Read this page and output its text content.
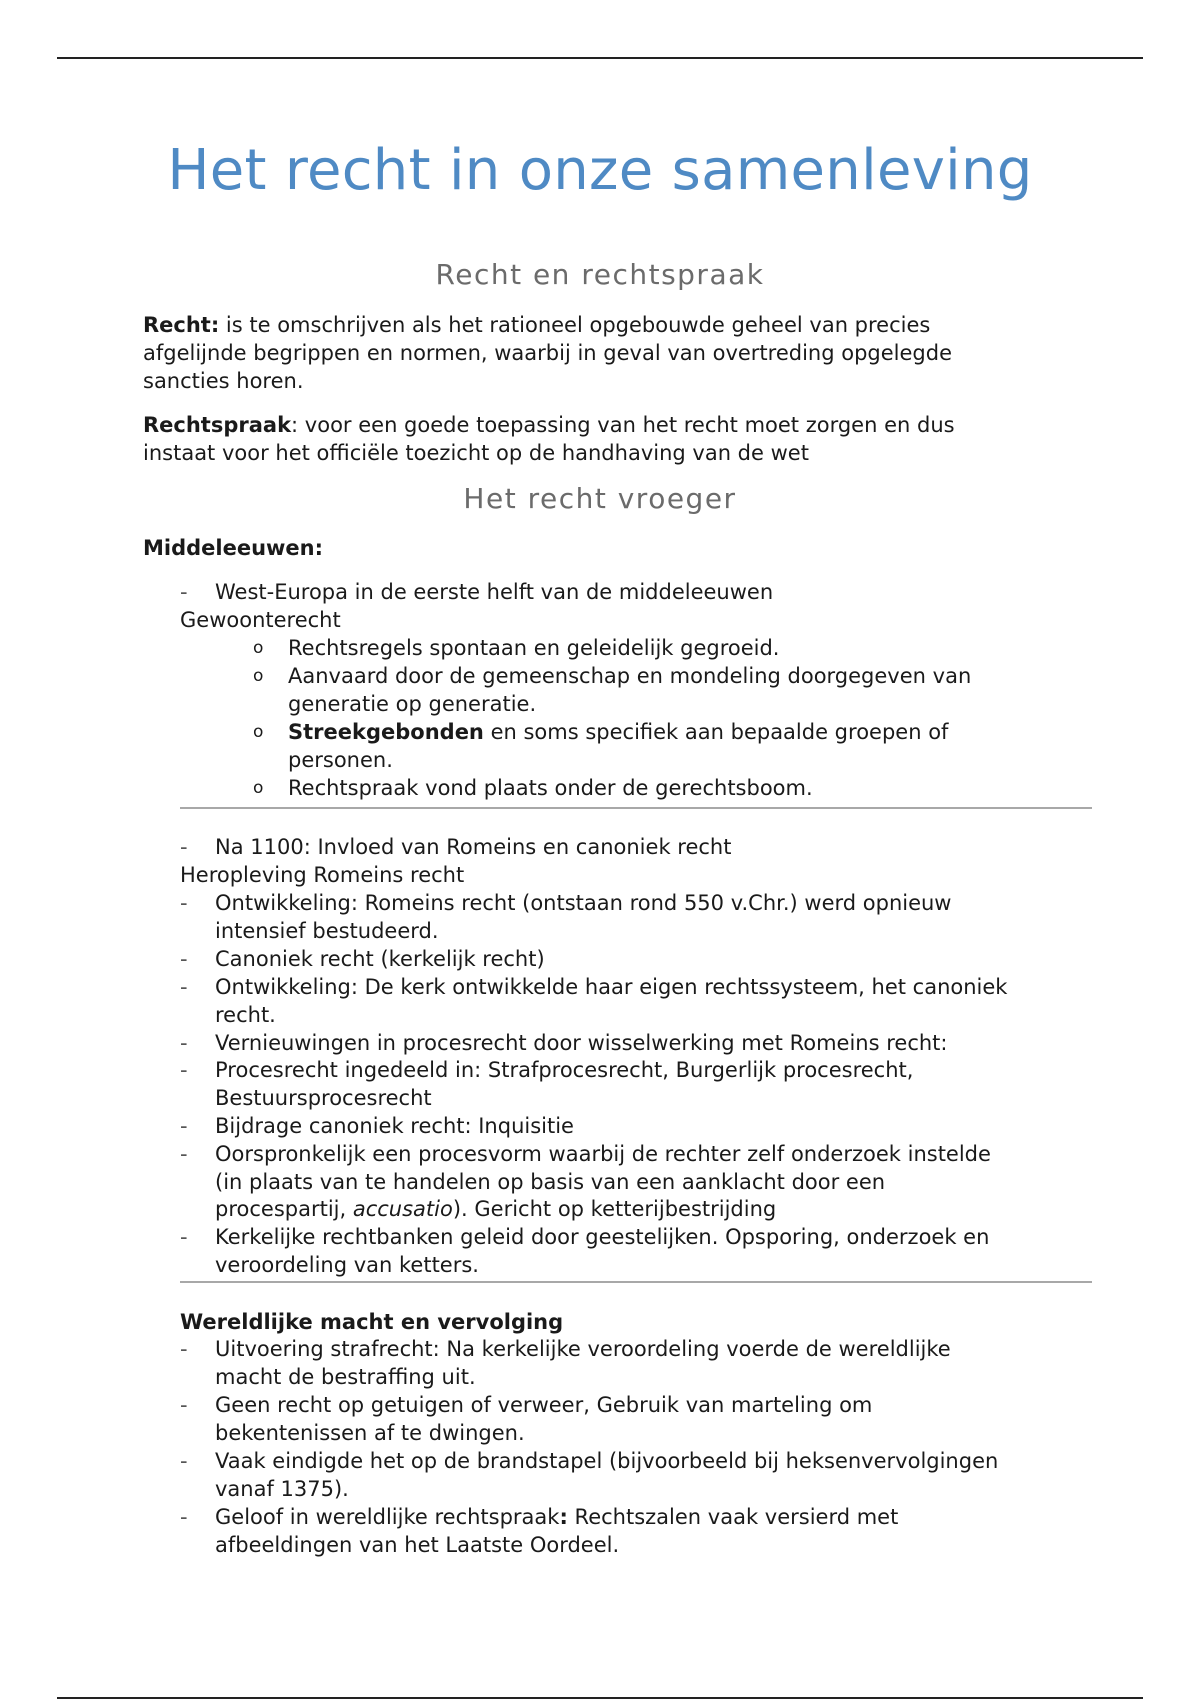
Het recht in onze samenleving
Recht en rechtspraak
Recht: is te omschrijven als het rationeel opgebouwde geheel van precies
afgelijnde begrippen en normen, waarbij in geval van overtreding opgelegde
sancties horen.
Rechtspraak: voor een goede toepassing van het recht moet zorgen en dus
instaat voor het officiële toezicht op de handhaving van de wet
Het recht vroeger
Middeleeuwen:
- West-Europa in de eerste helft van de middeleeuwen
Gewoonterecht
o Rechtsregels spontaan en geleidelijk gegroeid.
o Aanvaard door de gemeenschap en mondeling doorgegeven van
generatie op generatie.
o Streekgebonden en soms specifiek aan bepaalde groepen of
personen.
o Rechtspraak vond plaats onder de gerechtsboom.
- Na 1100: Invloed van Romeins en canoniek recht
Heropleving Romeins recht
- Ontwikkeling: Romeins recht (ontstaan rond 550 v.Chr.) werd opnieuw
intensief bestudeerd.
- Canoniek recht (kerkelijk recht)
- Ontwikkeling: De kerk ontwikkelde haar eigen rechtssysteem, het canoniek
recht.
- Vernieuwingen in procesrecht door wisselwerking met Romeins recht:
- Procesrecht ingedeeld in: Strafprocesrecht, Burgerlijk procesrecht,
Bestuursprocesrecht
- Bijdrage canoniek recht: Inquisitie
- Oorspronkelijk een procesvorm waarbij de rechter zelf onderzoek instelde
(in plaats van te handelen op basis van een aanklacht door een
procespartij, accusatio). Gericht op ketterijbestrijding
- Kerkelijke rechtbanken geleid door geestelijken. Opsporing, onderzoek en
veroordeling van ketters.
Wereldlijke macht en vervolging
- Uitvoering strafrecht: Na kerkelijke veroordeling voerde de wereldlijke
macht de bestraffing uit.
- Geen recht op getuigen of verweer, Gebruik van marteling om
bekentenissen af te dwingen.
- Vaak eindigde het op de brandstapel (bijvoorbeeld bij heksenvervolgingen
vanaf 1375).
- Geloof in wereldlijke rechtspraak: Rechtszalen vaak versierd met
afbeeldingen van het Laatste Oordeel.
